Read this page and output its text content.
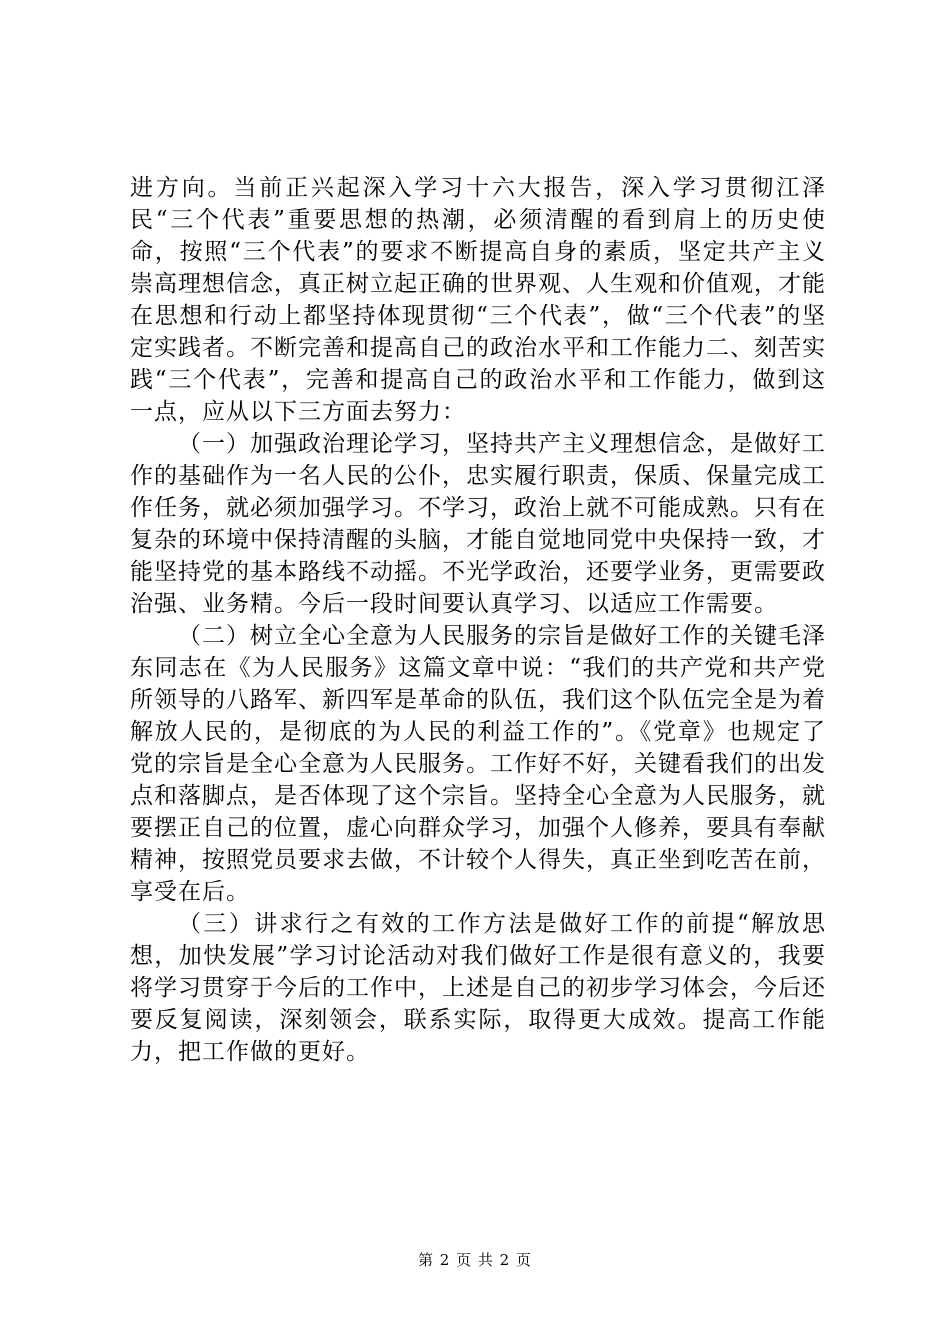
进方向。当前正兴起深入学习十六大报告，深入学习贯彻江泽民“三个代表”重要思想的热潮，必须清醒的看到肩上的历史使命，按照“三个代表”的要求不断提高自身的素质，坚定共产主义崇高理想信念，真正树立起正确的世界观、人生观和价值观，才能在思想和行动上都坚持体现贯彻“三个代表”，做“三个代表”的坚定实践者。不断完善和提高自己的政治水平和工作能力二、刻苦实践“三个代表”，完善和提高自己的政治水平和工作能力，做到这一点，应从以下三方面去努力：

（一）加强政治理论学习，坚持共产主义理想信念，是做好工作的基础作为一名人民的公仆，忠实履行职责，保质、保量完成工作任务，就必须加强学习。不学习，政治上就不可能成熟。只有在复杂的环境中保持清醒的头脑，才能自觉地同党中央保持一致，才能坚持党的基本路线不动摇。不光学政治，还要学业务，更需要政治强、业务精。今后一段时间要认真学习、以适应工作需要。

（二）树立全心全意为人民服务的宗旨是做好工作的关键毛泽东同志在《为人民服务》这篇文章中说：“我们的共产党和共产党所领导的八路军、新四军是革命的队伍，我们这个队伍完全是为着解放人民的，是彻底的为人民的利益工作的”。《党章》也规定了党的宗旨是全心全意为人民服务。工作好不好，关键看我们的出发点和落脚点，是否体现了这个宗旨。坚持全心全意为人民服务，就要摆正自己的位置，虚心向群众学习，加强个人修养，要具有奉献精神，按照党员要求去做，不计较个人得失，真正坐到吃苦在前，享受在后。

（三）讲求行之有效的工作方法是做好工作的前提“解放思想，加快发展”学习讨论活动对我们做好工作是很有意义的，我要将学习贯穿于今后的工作中，上述是自己的初步学习体会，今后还要反复阅读，深刻领会，联系实际，取得更大成效。提高工作能力，把工作做的更好。

第 2 页 共 2 页
